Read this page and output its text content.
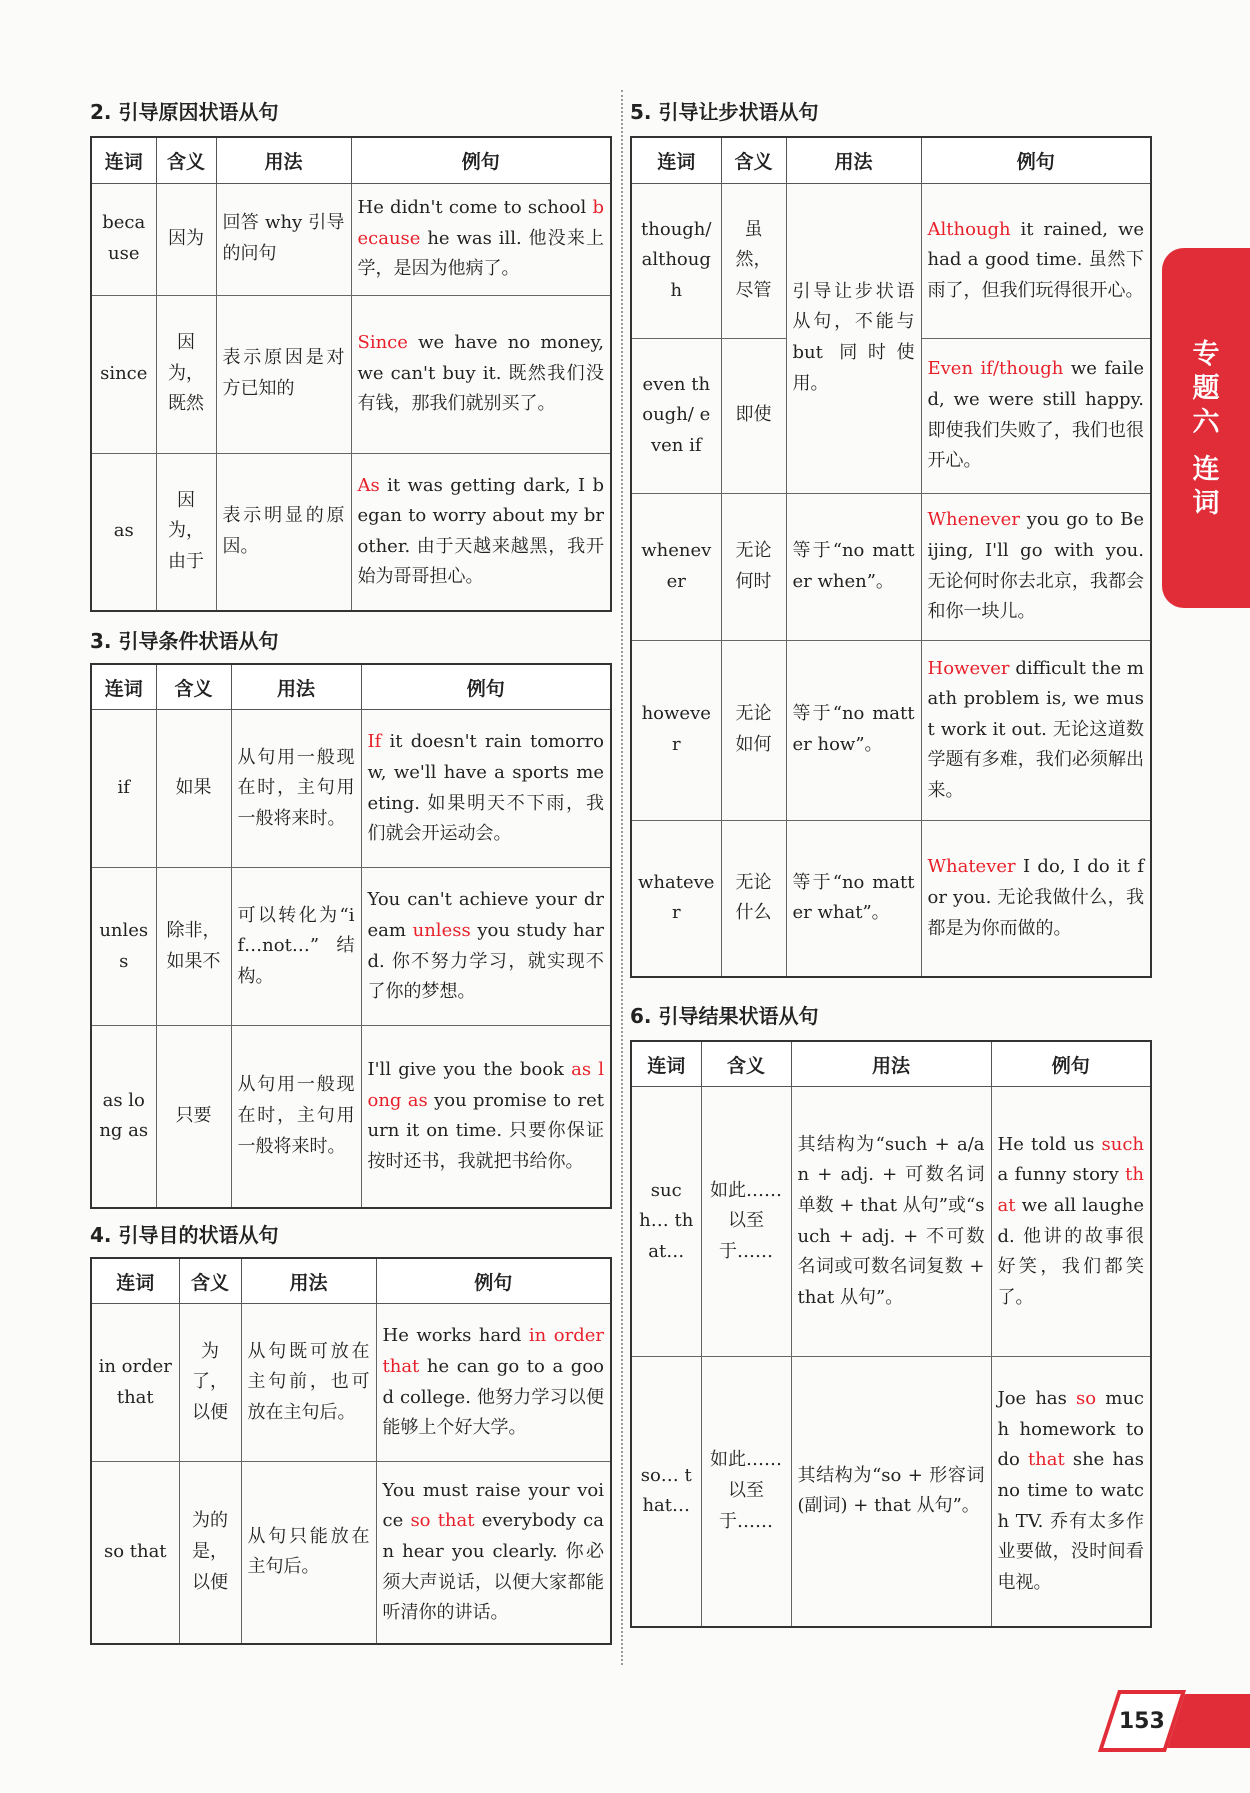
2. 引导原因状语从句
连词	含义	用法	例句
because	因为	回答 why 引导的问句	He didn't come to school because he was ill. 他没来上学，是因为他病了。
since	因为，既然	表示原因是对方已知的	Since we have no money, we can't buy it. 既然我们没有钱，那我们就别买了。
as	因为，由于	表示明显的原因。	As it was getting dark, I began to worry about my brother. 由于天越来越黑，我开始为哥哥担心。
3. 引导条件状语从句
连词	含义	用法	例句
if	如果	从句用一般现在时，主句用一般将来时。	If it doesn't rain tomorrow, we'll have a sports meeting. 如果明天不下雨，我们就会开运动会。
unless	除非，如果不	可以转化为“if…not…”结构。	You can't achieve your dream unless you study hard. 你不努力学习，就实现不了你的梦想。
as long as	只要	从句用一般现在时，主句用一般将来时。	I'll give you the book as long as you promise to return it on time. 只要你保证按时还书，我就把书给你。
4. 引导目的状语从句
连词	含义	用法	例句
in order that	为了，以便	从句既可放在主句前，也可放在主句后。	He works hard in order that he can go to a good college. 他努力学习以便能够上个好大学。
so that	为的是，以便	从句只能放在主句后。	You must raise your voice so that everybody can hear you clearly. 你必须大声说话，以便大家都能听清你的讲话。
5. 引导让步状语从句
连词	含义	用法	例句
though/ although	虽然，尽管	引导让步状语从句，不能与 but 同时使用。	Although it rained, we had a good time. 虽然下雨了，但我们玩得很开心。
even though/ even if	即使		Even if/though we failed, we were still happy. 即使我们失败了，我们也很开心。
whenever	无论何时	等于“no matter when”。	Whenever you go to Beijing, I'll go with you. 无论何时你去北京，我都会和你一块儿。
however	无论如何	等于“no matter how”。	However difficult the math problem is, we must work it out. 无论这道数学题有多难，我们必须解出来。
whatever	无论什么	等于“no matter what”。	Whatever I do, I do it for you. 无论我做什么，我都是为你而做的。
6. 引导结果状语从句
连词	含义	用法	例句
such… that…	如此……以至于……	其结构为“such + a/an + adj. + 可数名词单数 + that 从句”或“such + adj. + 不可数名词或可数名词复数 + that 从句”。	He told us such a funny story that we all laughed. 他讲的故事很好笑，我们都笑了。
so… that…	如此……以至于……	其结构为“so + 形容词(副词) + that 从句”。	Joe has so much homework to do that she has no time to watch TV. 乔有太多作业要做，没时间看电视。
专
题
六
连
词
153
